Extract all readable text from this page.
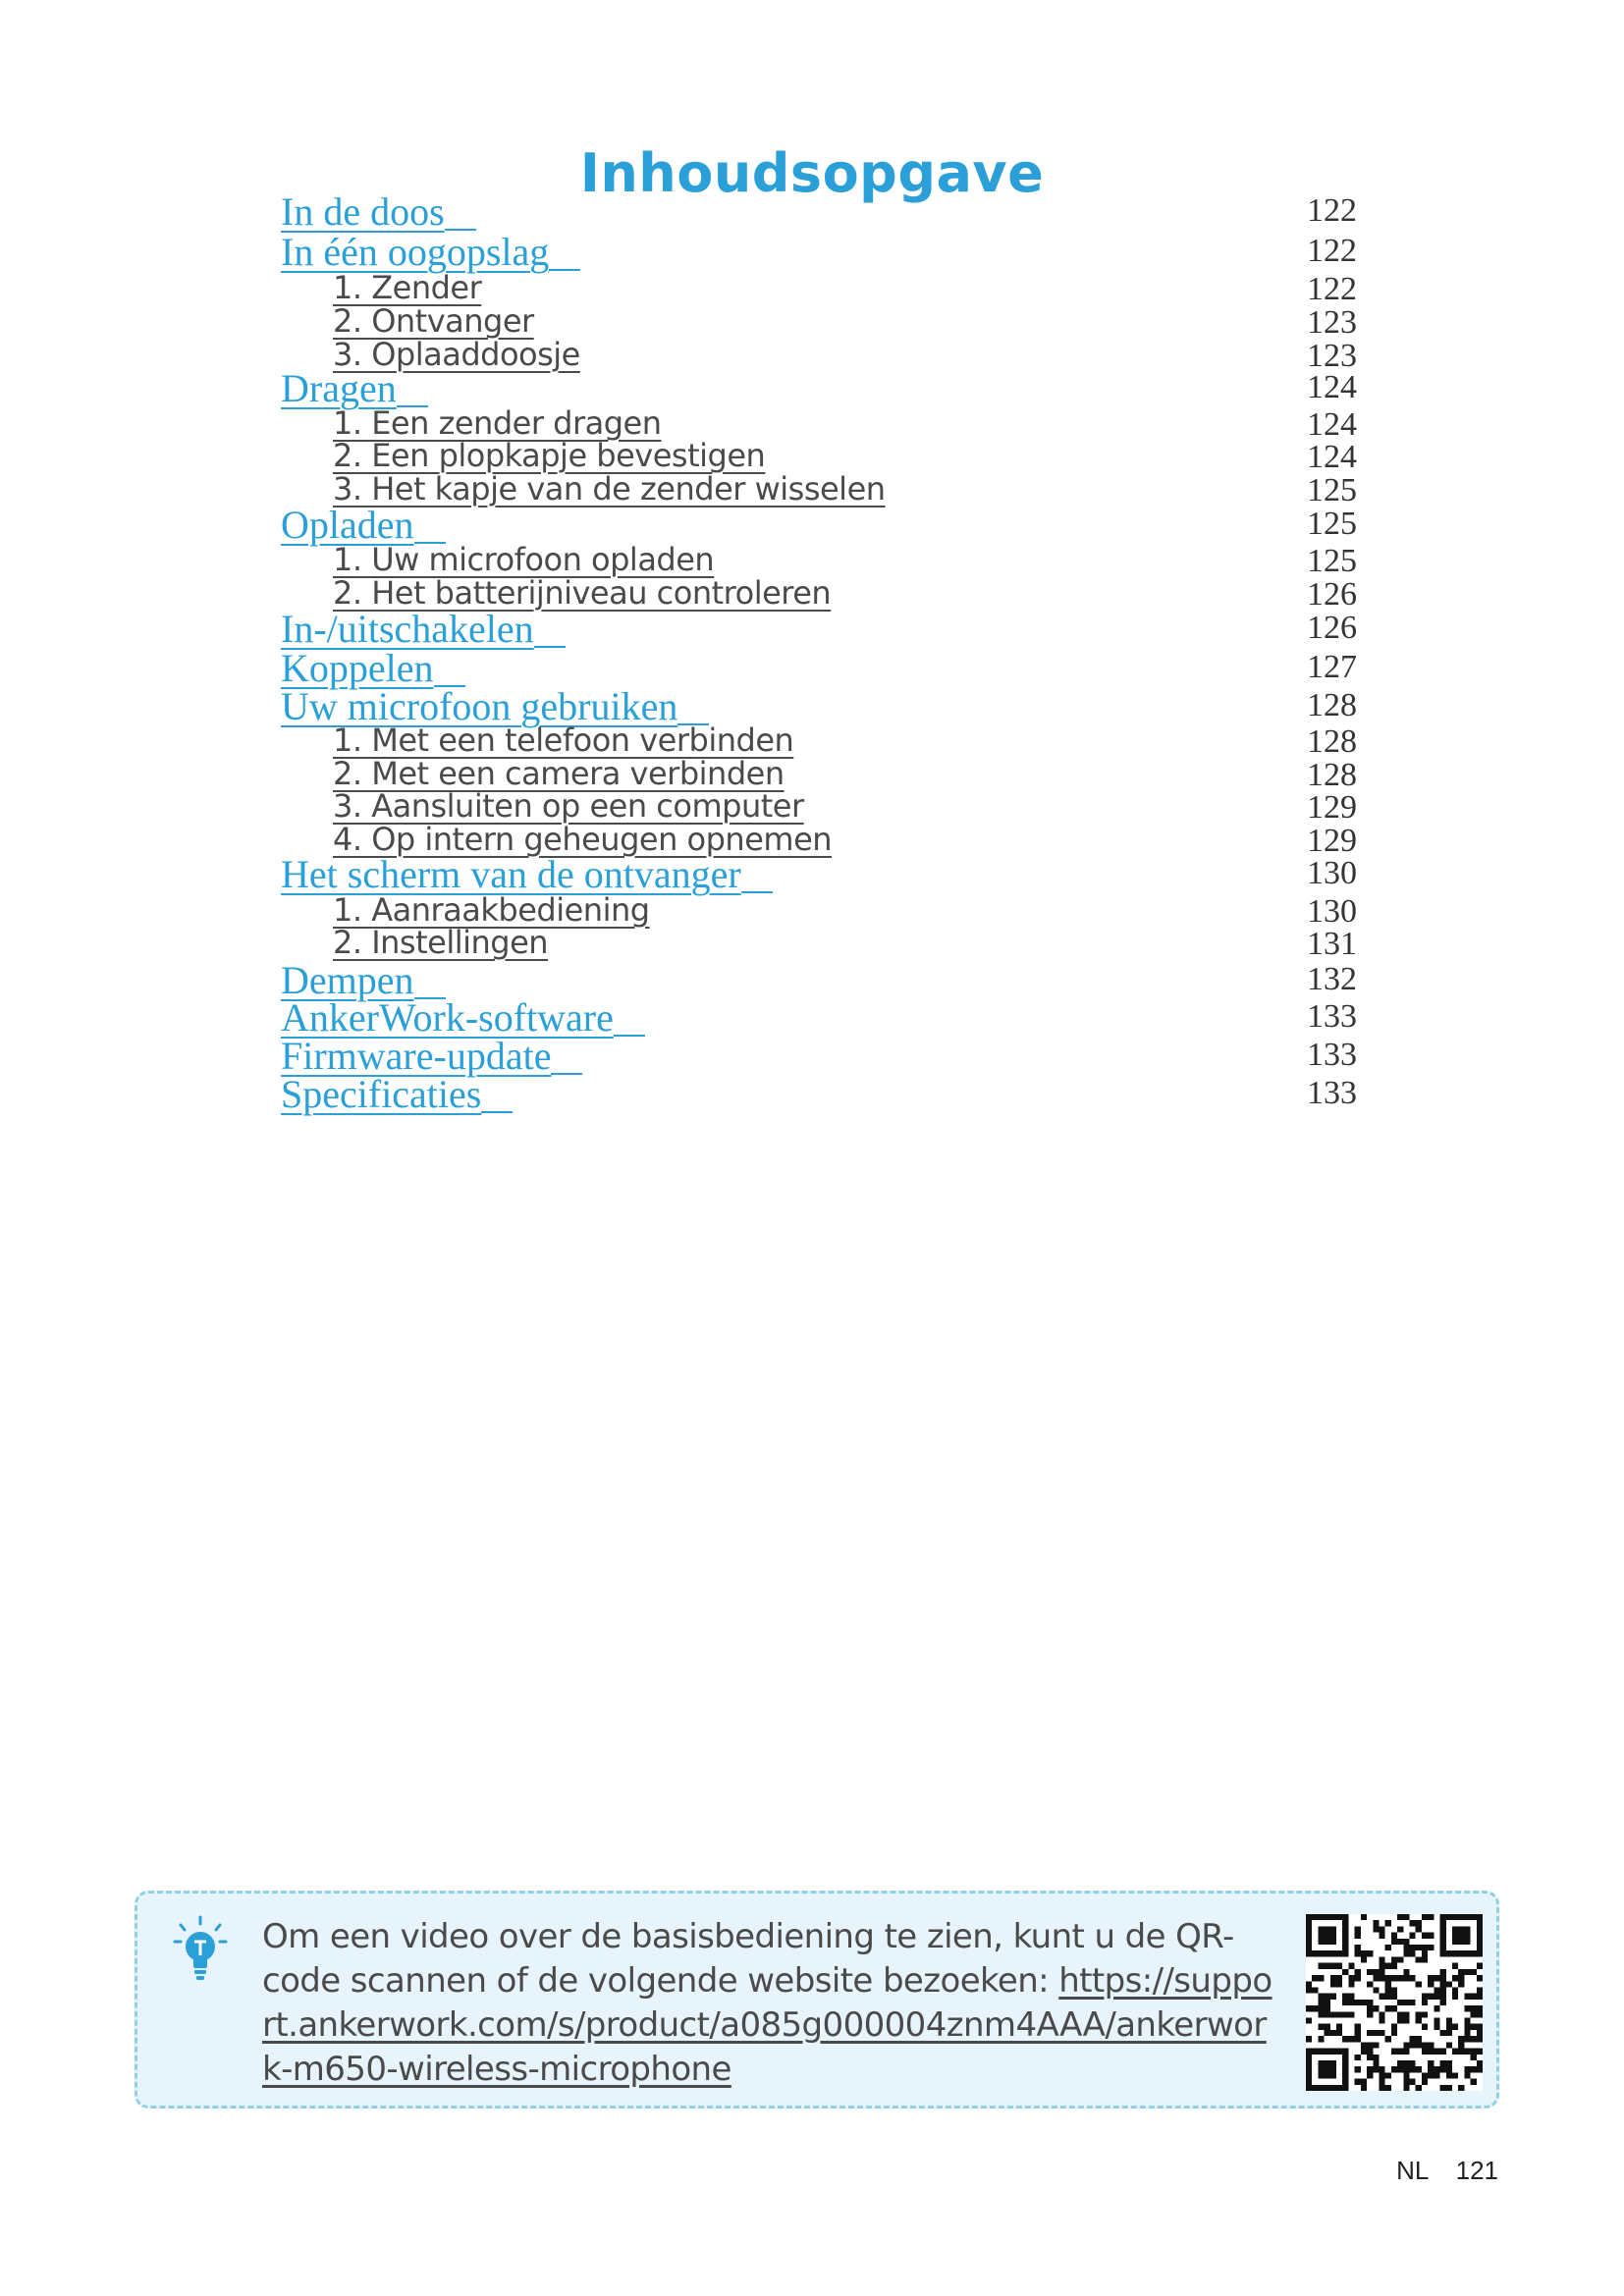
Inhoudsopgave
In de doos	122
In één oogopslag	122
1. Zender	122
2. Ontvanger	123
3. Oplaaddoosje	123
Dragen	124
1. Een zender dragen	124
2. Een plopkapje bevestigen	124
3. Het kapje van de zender wisselen	125
Opladen	125
1. Uw microfoon opladen	125
2. Het batterijniveau controleren	126
In-/uitschakelen	126
Koppelen	127
Uw microfoon gebruiken	128
1. Met een telefoon verbinden	128
2. Met een camera verbinden	128
3. Aansluiten op een computer	129
4. Op intern geheugen opnemen	129
Het scherm van de ontvanger	130
1. Aanraakbediening	130
2. Instellingen	131
Dempen	132
AnkerWork-software	133
Firmware-update	133
Specificaties	133
Om een video over de basisbediening te zien, kunt u de QR-code scannen of de volgende website bezoeken: https://support.ankerwork.com/s/product/a085g000004znm4AAA/ankerwork-m650-wireless-microphone
NL 121
